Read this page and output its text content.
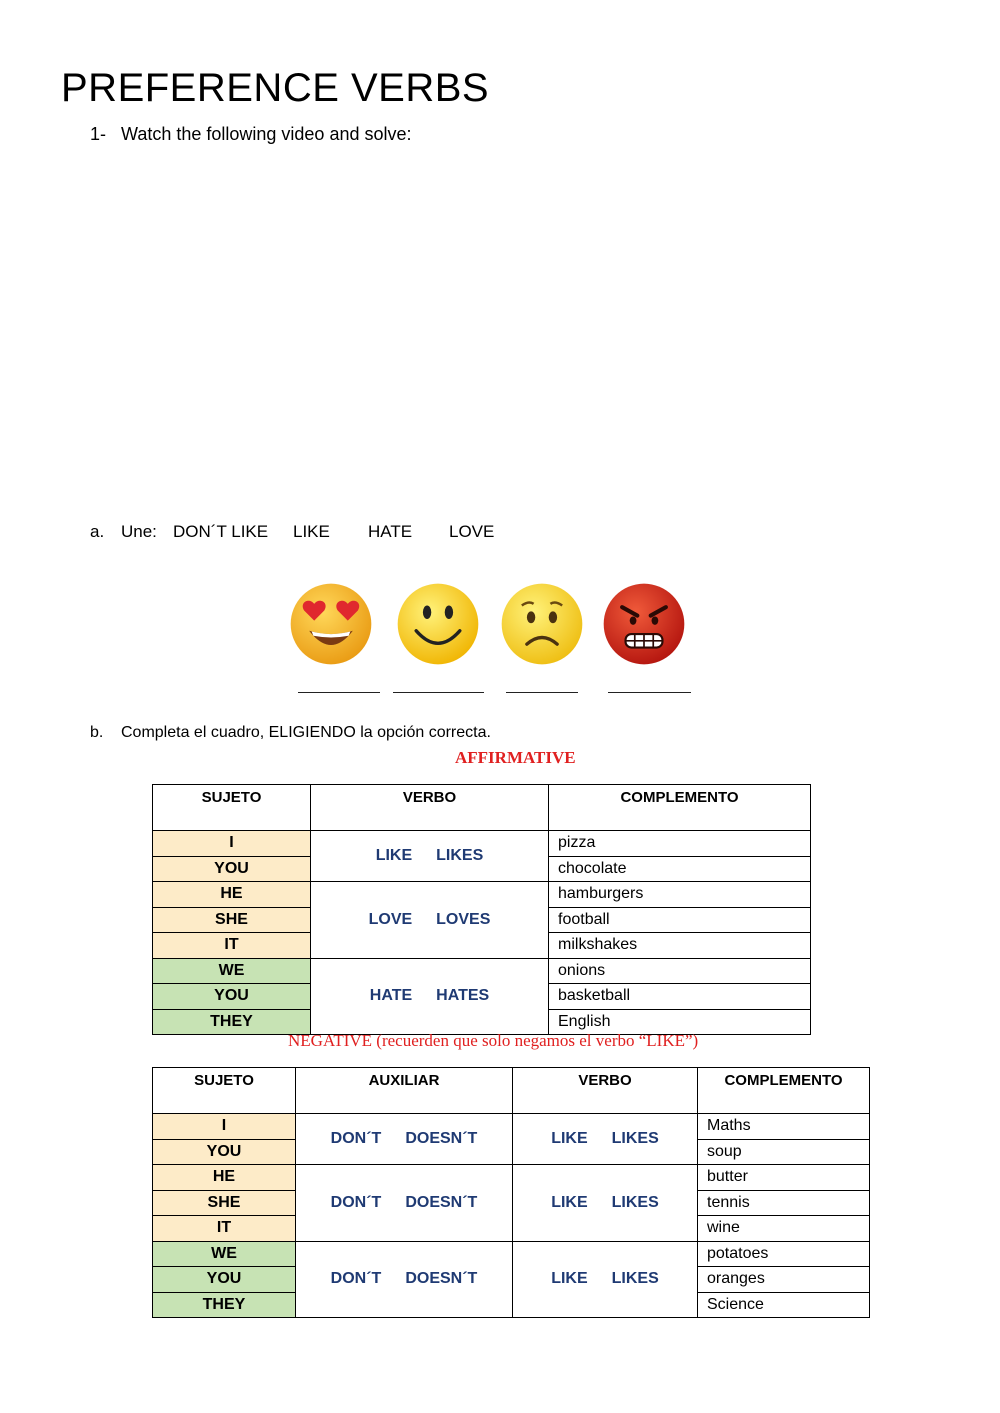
PREFERENCE VERBS
1- Watch the following video and solve:
a. Une: DON´T LIKE LIKE HATE LOVE
b. Completa el cuadro, ELIGIENDO la opción correcta.
AFFIRMATIVE
SUJETO	VERBO	COMPLEMENTO
I	LIKE LIKES	pizza
YOU		chocolate
HE	LOVE LOVES	hamburgers
SHE		football
IT		milkshakes
WE	HATE HATES	onions
YOU		basketball
THEY		English
NEGATIVE (recuerden que solo negamos el verbo “LIKE”)
SUJETO	AUXILIAR	VERBO	COMPLEMENTO
I	DON´T DOESN´T	LIKE LIKES	Maths
YOU			soup
HE	DON´T DOESN´T	LIKE LIKES	butter
SHE			tennis
IT			wine
WE	DON´T DOESN´T	LIKE LIKES	potatoes
YOU			oranges
THEY			Science
